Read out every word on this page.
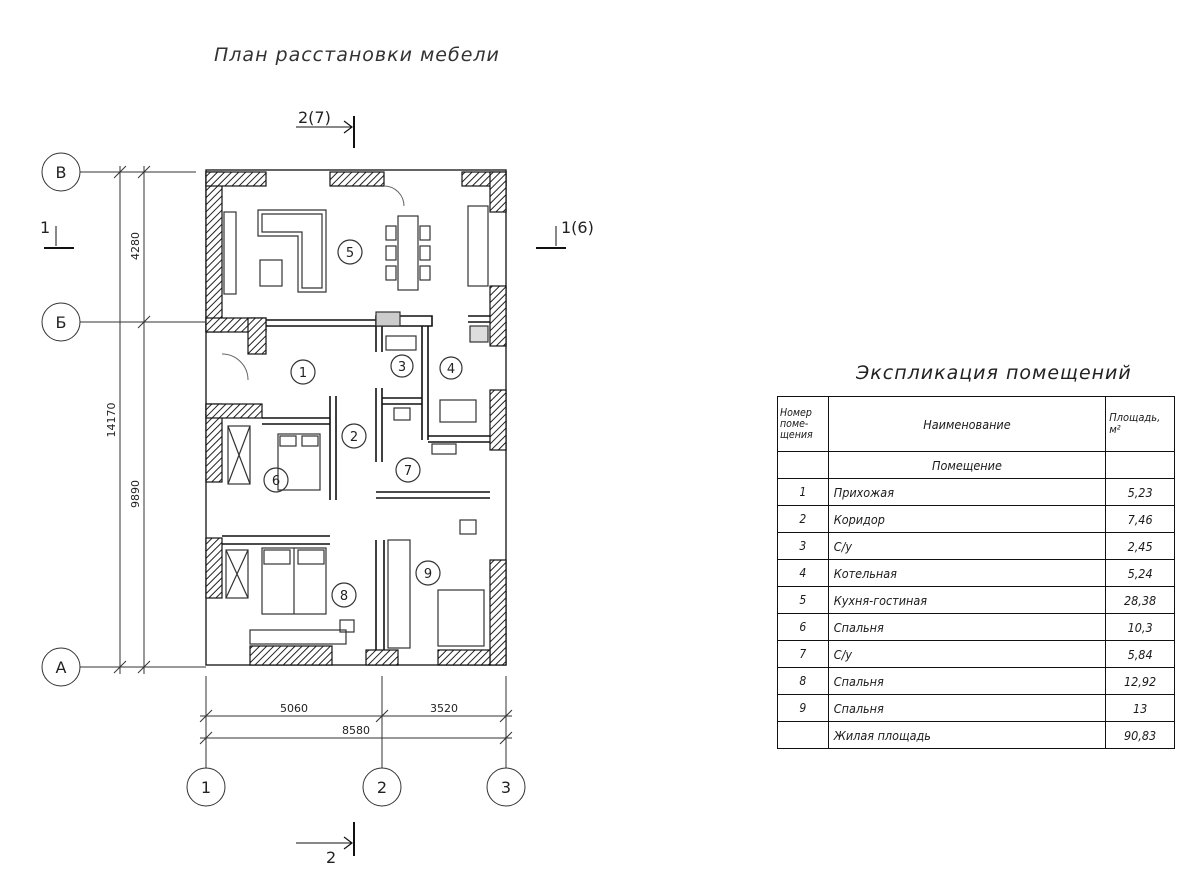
План расстановки мебели
5
1	3	4
2
7
6
8
9
В
Б
А
4280
9890
14170
1	2	3
5060	3520
8580
2(7)
2
1	1(6)
Экспликация помещений
Номер
поме-
щения	Наименование	Площадь,
м²
	Помещение	
1	Прихожая	5,23
2	Коридор	7,46
3	С/у	2,45
4	Котельная	5,24
5	Кухня-гостиная	28,38
6	Спальня	10,3
7	С/у	5,84
8	Спальня	12,92
9	Спальня	13
	Жилая площадь	90,83
